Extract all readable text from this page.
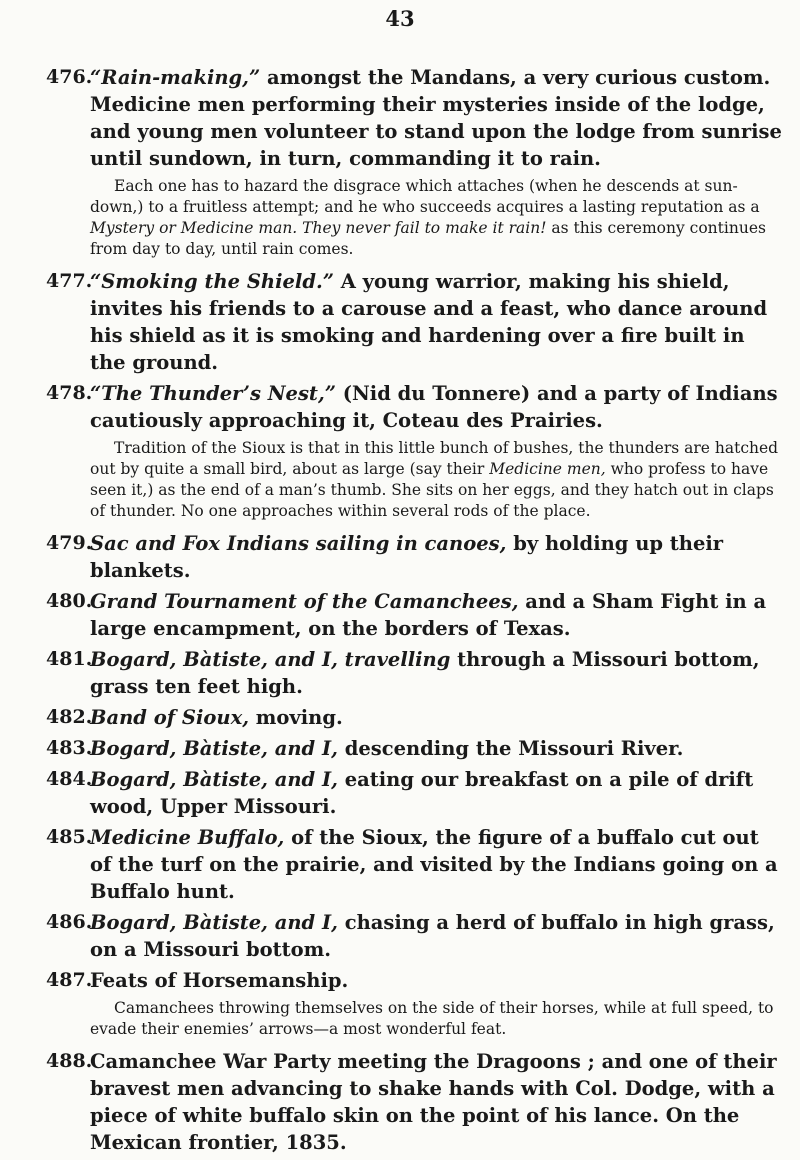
43
476.
“Rain-making,” amongst the Mandans, a very curious custom. Medicine men performing their mysteries inside of the lodge, and young men volunteer to stand upon the lodge from sunrise until sundown, in turn, commanding it to rain.
Each one has to hazard the disgrace which attaches (when he descends at sun-down,) to a fruitless attempt; and he who succeeds acquires a lasting reputation as a Mystery or Medicine man. They never fail to make it rain! as this ceremony continues from day to day, until rain comes.
477.
“Smoking the Shield.” A young warrior, making his shield, invites his friends to a carouse and a feast, who dance around his shield as it is smoking and hardening over a fire built in the ground.
478.
“The Thunder’s Nest,” (Nid du Tonnere) and a party of Indians cautiously approaching it, Coteau des Prairies.
Tradition of the Sioux is that in this little bunch of bushes, the thunders are hatched out by quite a small bird, about as large (say their Medicine men, who profess to have seen it,) as the end of a man’s thumb. She sits on her eggs, and they hatch out in claps of thunder. No one approaches within several rods of the place.
479.
Sac and Fox Indians sailing in canoes, by holding up their blankets.
480.
Grand Tournament of the Camanchees, and a Sham Fight in a large encampment, on the borders of Texas.
481.
Bogard, Bàtiste, and I, travelling through a Missouri bottom, grass ten feet high.
482.
Band of Sioux, moving.
483.
Bogard, Bàtiste, and I, descending the Missouri River.
484.
Bogard, Bàtiste, and I, eating our breakfast on a pile of drift wood, Upper Missouri.
485.
Medicine Buffalo, of the Sioux, the figure of a buffalo cut out of the turf on the prairie, and visited by the Indians going on a Buffalo hunt.
486.
Bogard, Bàtiste, and I, chasing a herd of buffalo in high grass, on a Missouri bottom.
487.
Feats of Horsemanship.
Camanchees throwing themselves on the side of their horses, while at full speed, to evade their enemies’ arrows—a most wonderful feat.
488.
Camanchee War Party meeting the Dragoons ; and one of their bravest men advancing to shake hands with Col. Dodge, with a piece of white buffalo skin on the point of his lance. On the Mexican frontier, 1835.
